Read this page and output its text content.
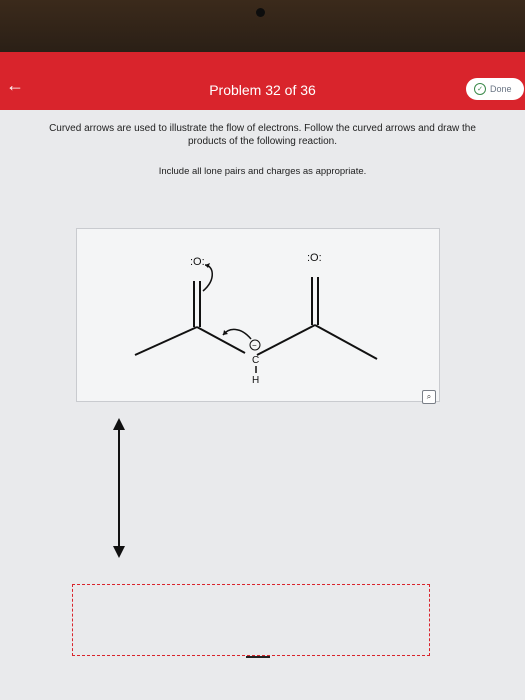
←	Problem 32 of 36	✓ Done
Curved arrows are used to illustrate the flow of electrons. Follow the curved arrows and draw the
products of the following reaction.
Include all lone pairs and charges as appropriate.
:O:	:O:
−
C
H
⌕
